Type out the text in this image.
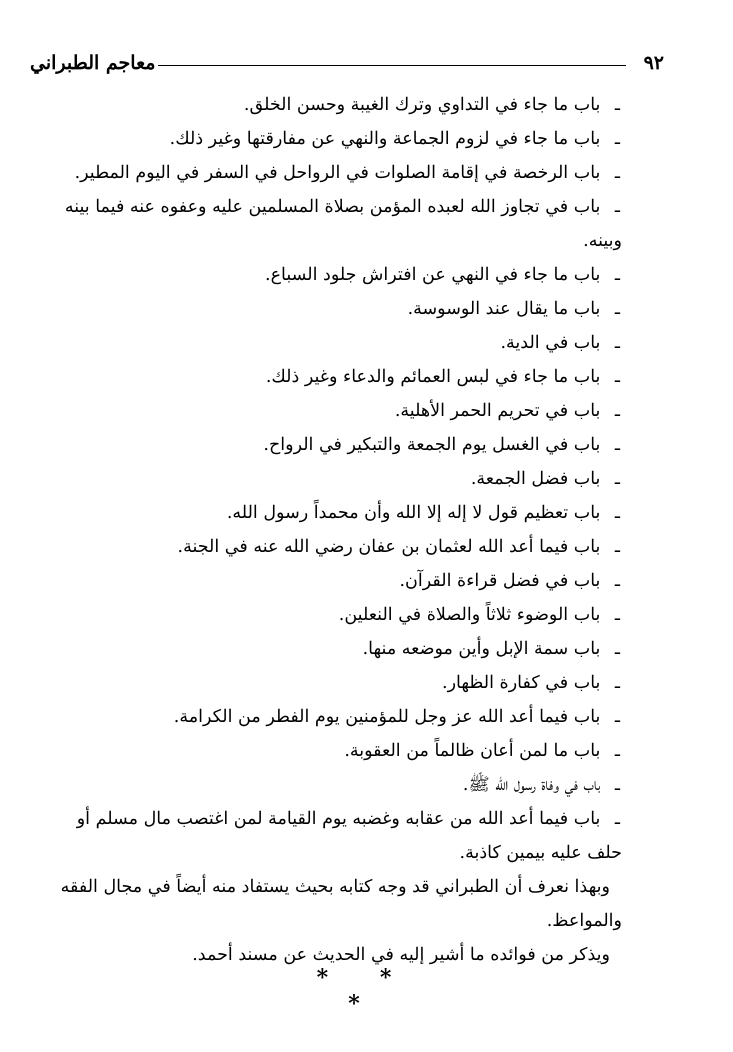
٩٢
معاجم الطبراني
ـ باب ما جاء في التداوي وترك الغيبة وحسن الخلق.
ـ باب ما جاء في لزوم الجماعة والنهي عن مفارقتها وغير ذلك.
ـ باب الرخصة في إقامة الصلوات في الرواحل في السفر في اليوم المطير.
ـ باب في تجاوز الله لعبده المؤمن بصلاة المسلمين عليه وعفوه عنه فيما بينه
وبينه.
ـ باب ما جاء في النهي عن افتراش جلود السباع.
ـ باب ما يقال عند الوسوسة.
ـ باب في الدية.
ـ باب ما جاء في لبس العمائم والدعاء وغير ذلك.
ـ باب في تحريم الحمر الأهلية.
ـ باب في الغسل يوم الجمعة والتبكير في الرواح.
ـ باب فضل الجمعة.
ـ باب تعظيم قول لا إله إلا الله وأن محمداً رسول الله.
ـ باب فيما أعد الله لعثمان بن عفان رضي الله عنه في الجنة.
ـ باب في فضل قراءة القرآن.
ـ باب الوضوء ثلاثاً والصلاة في النعلين.
ـ باب سمة الإبل وأين موضعه منها.
ـ باب في كفارة الظهار.
ـ باب فيما أعد الله عز وجل للمؤمنين يوم الفطر من الكرامة.
ـ باب ما لمن أعان ظالماً من العقوبة.
ـ باب في وفاة رسول الله ﷺ.
ـ باب فيما أعد الله من عقابه وغضبه يوم القيامة لمن اغتصب مال مسلم أو
حلف عليه بيمين كاذبة.
وبهذا نعرف أن الطبراني قد وجه كتابه بحيث يستفاد منه أيضاً في مجال الفقه
والمواعظ.
ويذكر من فوائده ما أشير إليه في الحديث عن مسند أحمد.
* * *
